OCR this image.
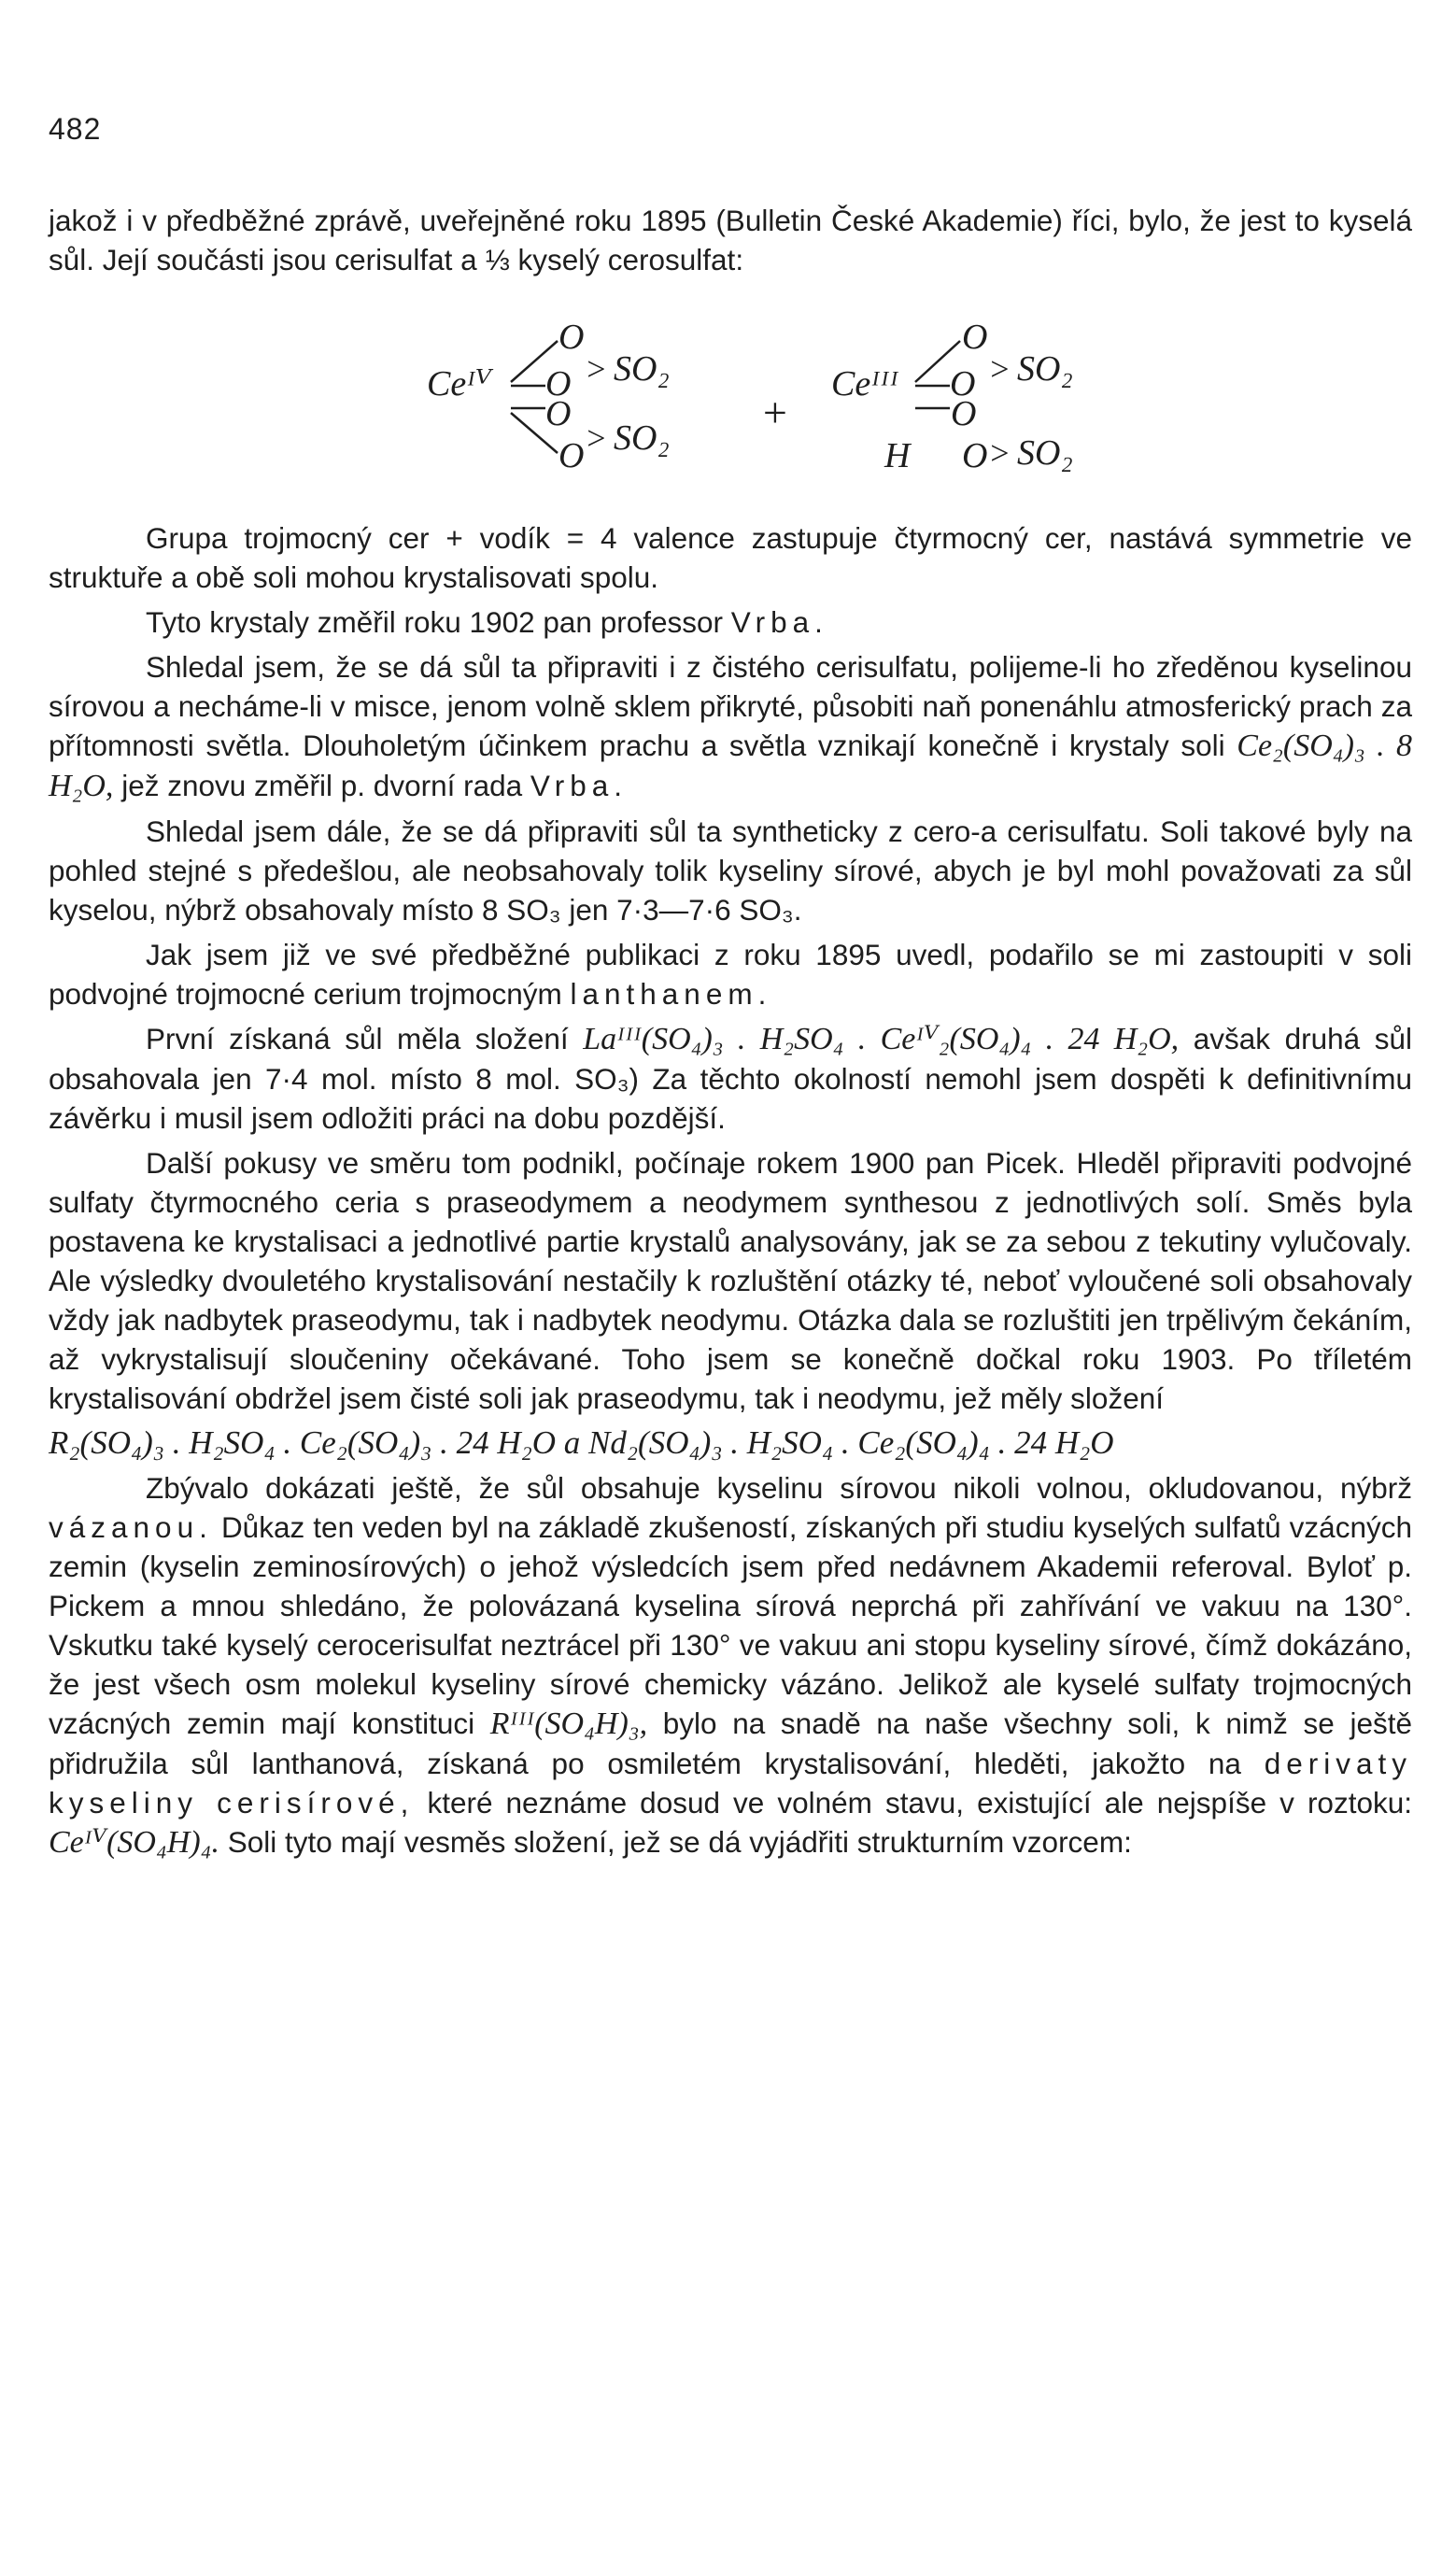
482

jakož i v předběžné zprávě, uveřejněné roku 1895 (Bulletin České Akademie) říci, bylo, že jest to kyselá sůl. Její součásti jsou cerisulfat a ⅓ kyselý cerosulfat:

Ceᴵⱽ
O
O > SO₂
O
O > SO₂
+
Ceᴵᴵᴵ
O
O > SO₂
O
H O > SO₂

Grupa trojmocný cer + vodík = 4 valence zastupuje čtyrmocný cer, nastává symmetrie ve struktuře a obě soli mohou krystalisovati spolu.

Tyto krystaly změřil roku 1902 pan professor Vrba.

Shledal jsem, že se dá sůl ta připraviti i z čistého cerisulfatu, polijeme-li ho zředěnou kyselinou sírovou a necháme-li v misce, jenom volně sklem přikryté, působiti naň ponenáhlu atmosferický prach za přítomnosti světla. Dlouholetým účinkem prachu a světla vznikají konečně i krystaly soli Ce₂(SO₄)₃ . 8 H₂O, jež znovu změřil p. dvorní rada Vrba.

Shledal jsem dále, že se dá připraviti sůl ta syntheticky z cero-a cerisulfatu. Soli takové byly na pohled stejné s předešlou, ale neobsahovaly tolik kyseliny sírové, abych je byl mohl považovati za sůl kyselou, nýbrž obsahovaly místo 8 SO₃ jen 7·3—7·6 SO₃.

Jak jsem již ve své předběžné publikaci z roku 1895 uvedl, podařilo se mi zastoupiti v soli podvojné trojmocné cerium trojmocným lanthanem.

První získaná sůl měla složení Laᴵᴵᴵ(SO₄)₃ . H₂SO₄ . Ceᴵⱽ₂(SO₄)₄ . 24 H₂O, avšak druhá sůl obsahovala jen 7·4 mol. místo 8 mol. SO₃) Za těchto okolností nemohl jsem dospěti k definitivnímu závěrku i musil jsem odložiti práci na dobu pozdější.

Další pokusy ve směru tom podnikl, počínaje rokem 1900 pan Picek. Hleděl připraviti podvojné sulfaty čtyrmocného ceria s praseodymem a neodymem synthesou z jednotlivých solí. Směs byla postavena ke krystalisaci a jednotlivé partie krystalů analysovány, jak se za sebou z tekutiny vylučovaly. Ale výsledky dvouletého krystalisování nestačily k rozluštění otázky té, neboť vyloučené soli obsahovaly vždy jak nadbytek praseodymu, tak i nadbytek neodymu. Otázka dala se rozluštiti jen trpělivým čekáním, až vykrystalisují sloučeniny očekávané. Toho jsem se konečně dočkal roku 1903. Po tříletém krystalisování obdržel jsem čisté soli jak praseodymu, tak i neodymu, jež měly složení

R₂(SO₄)₃ . H₂SO₄ . Ce₂(SO₄)₃ . 24 H₂O a Nd₂(SO₄)₃ . H₂SO₄ . Ce₂(SO₄)₄ . 24 H₂O

Zbývalo dokázati ještě, že sůl obsahuje kyselinu sírovou nikoli volnou, okludovanou, nýbrž vázanou. Důkaz ten veden byl na základě zkušeností, získaných při studiu kyselých sulfatů vzácných zemin (kyselin zeminosírových) o jehož výsledcích jsem před nedávnem Akademii referoval. Byloť p. Pickem a mnou shledáno, že polovázaná kyselina sírová neprchá při zahřívání ve vakuu na 130°. Vskutku také kyselý cerocerisulfat neztrácel při 130° ve vakuu ani stopu kyseliny sírové, čímž dokázáno, že jest všech osm molekul kyseliny sírové chemicky vázáno. Jelikož ale kyselé sulfaty trojmocných vzácných zemin mají konstituci Rᴵᴵᴵ(SO₄H)₃, bylo na snadě na naše všechny soli, k nimž se ještě přidružila sůl lanthanová, získaná po osmiletém krystalisování, hleděti, jakožto na derivaty kyseliny cerisírové, které neznáme dosud ve volném stavu, existující ale nejspíše v roztoku: Ceᴵⱽ(SO₄H)₄. Soli tyto mají vesměs složení, jež se dá vyjádřiti strukturním vzorcem:
